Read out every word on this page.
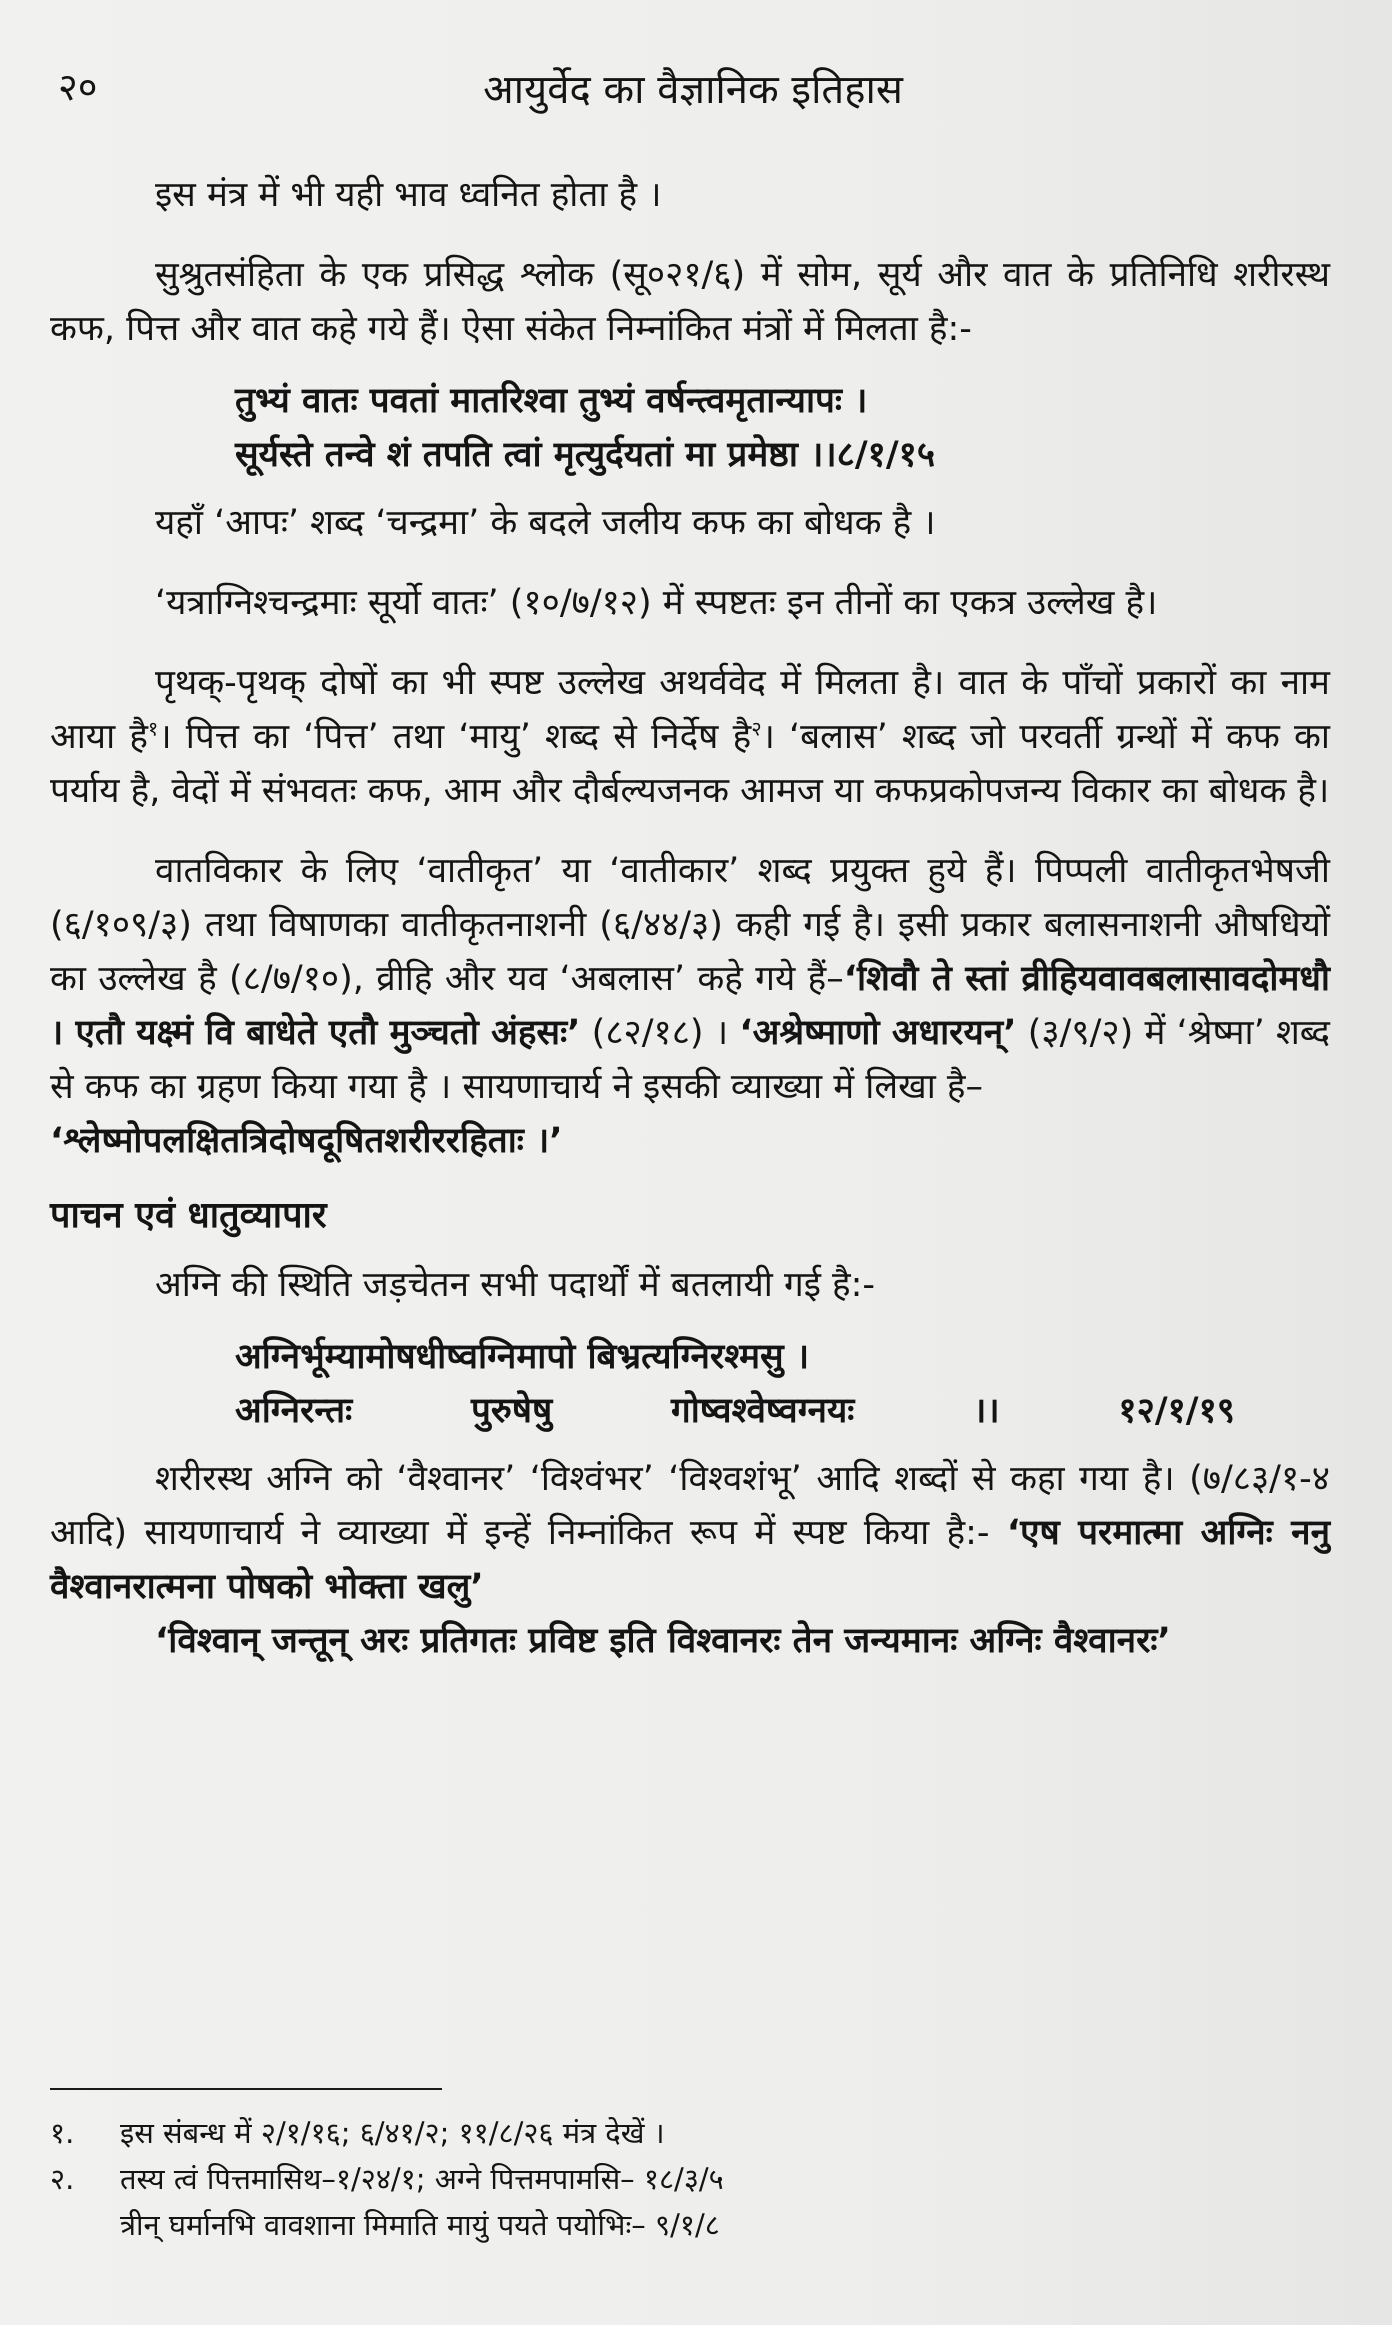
२०	आयुर्वेद का वैज्ञानिक इतिहास

इस मंत्र में भी यही भाव ध्वनित होता है ।

सुश्रुतसंहिता के एक प्रसिद्ध श्लोक (सू०२१/६) में सोम, सूर्य और वात के प्रतिनिधि शरीरस्थ कफ, पित्त और वात कहे गये हैं। ऐसा संकेत निम्नांकित मंत्रों में मिलता है:-

तुभ्यं वातः पवतां मातरिश्वा तुभ्यं वर्षन्त्वमृतान्यापः ।
सूर्यस्ते तन्वे शं तपति त्वां मृत्युर्दयतां मा प्रमेष्ठा ।।८/१/१५

यहाँ ‘आपः’ शब्द ‘चन्द्रमा’ के बदले जलीय कफ का बोधक है ।

‘यत्राग्निश्चन्द्रमाः सूर्यो वातः’ (१०/७/१२) में स्पष्टतः इन तीनों का एकत्र उल्लेख है।

पृथक्-पृथक् दोषों का भी स्पष्ट उल्लेख अथर्ववेद में मिलता है। वात के पाँचों प्रकारों का नाम आया है$^१$। पित्त का ‘पित्त’ तथा ‘मायु’ शब्द से निर्देष है$^२$। ‘बलास’ शब्द जो परवर्ती ग्रन्थों में कफ का पर्याय है, वेदों में संभवतः कफ, आम और दौर्बल्यजनक आमज या कफप्रकोपजन्य विकार का बोधक है।

वातविकार के लिए ‘वातीकृत’ या ‘वातीकार’ शब्द प्रयुक्त हुये हैं। पिप्पली वातीकृतभेषजी (६/१०९/३) तथा विषाणका वातीकृतनाशनी (६/४४/३) कही गई है। इसी प्रकार बलासनाशनी औषधियों का उल्लेख है (८/७/१०), व्रीहि और यव ‘अबलास’ कहे गये हैं–‘शिवौ ते स्तां व्रीहियवावबलासावदोमधौ । एतौ यक्ष्मं वि बाधेते एतौ मुञ्चतो अंहसः’ (८२/१८) । ‘अश्रेष्माणो अधारयन्’ (३/९/२) में ‘श्रेष्मा’ शब्द से कफ का ग्रहण किया गया है । सायणाचार्य ने इसकी व्याख्या में लिखा है–
‘श्लेष्मोपलक्षितत्रिदोषदूषितशरीररहिताः ।’

पाचन एवं धातुव्यापार

अग्नि की स्थिति जड़चेतन सभी पदार्थों में बतलायी गई है:-

अग्निर्भूम्यामोषधीष्वग्निमापो बिभ्रत्यग्निरश्मसु ।
अग्निरन्तः	पुरुषेषु	गोष्वश्वेष्वग्नयः	।।	१२/१/१९

शरीरस्थ अग्नि को ‘वैश्वानर’ ‘विश्वंभर’ ‘विश्वशंभू’ आदि शब्दों से कहा गया है। (७/८३/१-४ आदि) सायणाचार्य ने व्याख्या में इन्हें निम्नांकित रूप में स्पष्ट किया है:- ‘एष परमात्मा अग्निः ननु वैश्वानरात्मना पोषको भोक्ता खलु’

‘विश्वान् जन्तून् अरः प्रतिगतः प्रविष्ट इति विश्वानरः तेन जन्यमानः अग्निः वैश्वानरः’

१.	इस संबन्ध में २/१/१६; ६/४१/२; ११/८/२६ मंत्र देखें ।
२.	तस्य त्वं पित्तमासिथ–१/२४/१; अग्ने पित्तमपामसि– १८/३/५
त्रीन् घर्मानभि वावशाना मिमाति मायुं पयते पयोभिः– ९/१/८
